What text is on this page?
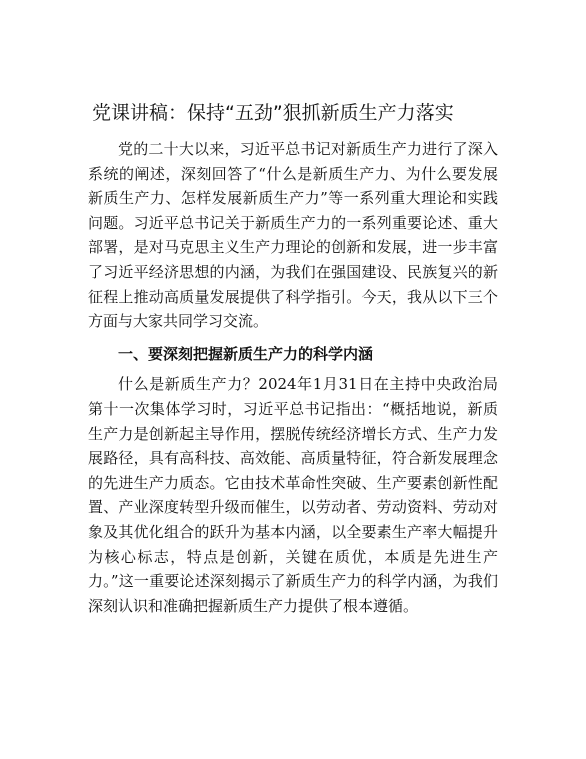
党课讲稿：保持“五劲”狠抓新质生产力落实

党的二十大以来，习近平总书记对新质生产力进行了深入系统的阐述，深刻回答了“什么是新质生产力、为什么要发展新质生产力、怎样发展新质生产力”等一系列重大理论和实践问题。习近平总书记关于新质生产力的一系列重要论述、重大部署，是对马克思主义生产力理论的创新和发展，进一步丰富了习近平经济思想的内涵，为我们在强国建设、民族复兴的新征程上推动高质量发展提供了科学指引。今天，我从以下三个方面与大家共同学习交流。

一、要深刻把握新质生产力的科学内涵

什么是新质生产力？2024年1月31日在主持中央政治局第十一次集体学习时，习近平总书记指出：“概括地说，新质生产力是创新起主导作用，摆脱传统经济增长方式、生产力发展路径，具有高科技、高效能、高质量特征，符合新发展理念的先进生产力质态。它由技术革命性突破、生产要素创新性配置、产业深度转型升级而催生，以劳动者、劳动资料、劳动对象及其优化组合的跃升为基本内涵，以全要素生产率大幅提升为核心标志，特点是创新，关键在质优，本质是先进生产力。”这一重要论述深刻揭示了新质生产力的科学内涵，为我们深刻认识和准确把握新质生产力提供了根本遵循。
